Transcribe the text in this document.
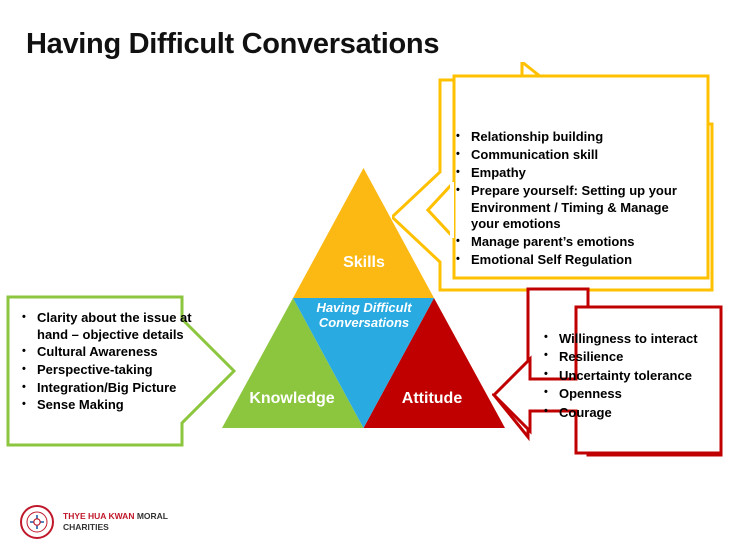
Having Difficult Conversations
Skills
Knowledge	Attitude
Having Difficult Conversations
• Relationship building
• Communication skill
• Empathy
• Prepare yourself: Setting up your Environment / Timing & Manage your emotions
• Manage parent’s emotions
• Emotional Self Regulation
• Clarity about the issue at hand – objective details
• Cultural Awareness
• Perspective-taking
• Integration/Big Picture
• Sense Making
• Willingness to interact
• Resilience
• Uncertainty tolerance
• Openness
• Courage
THYE HUA KWAN MORAL
CHARITIES
